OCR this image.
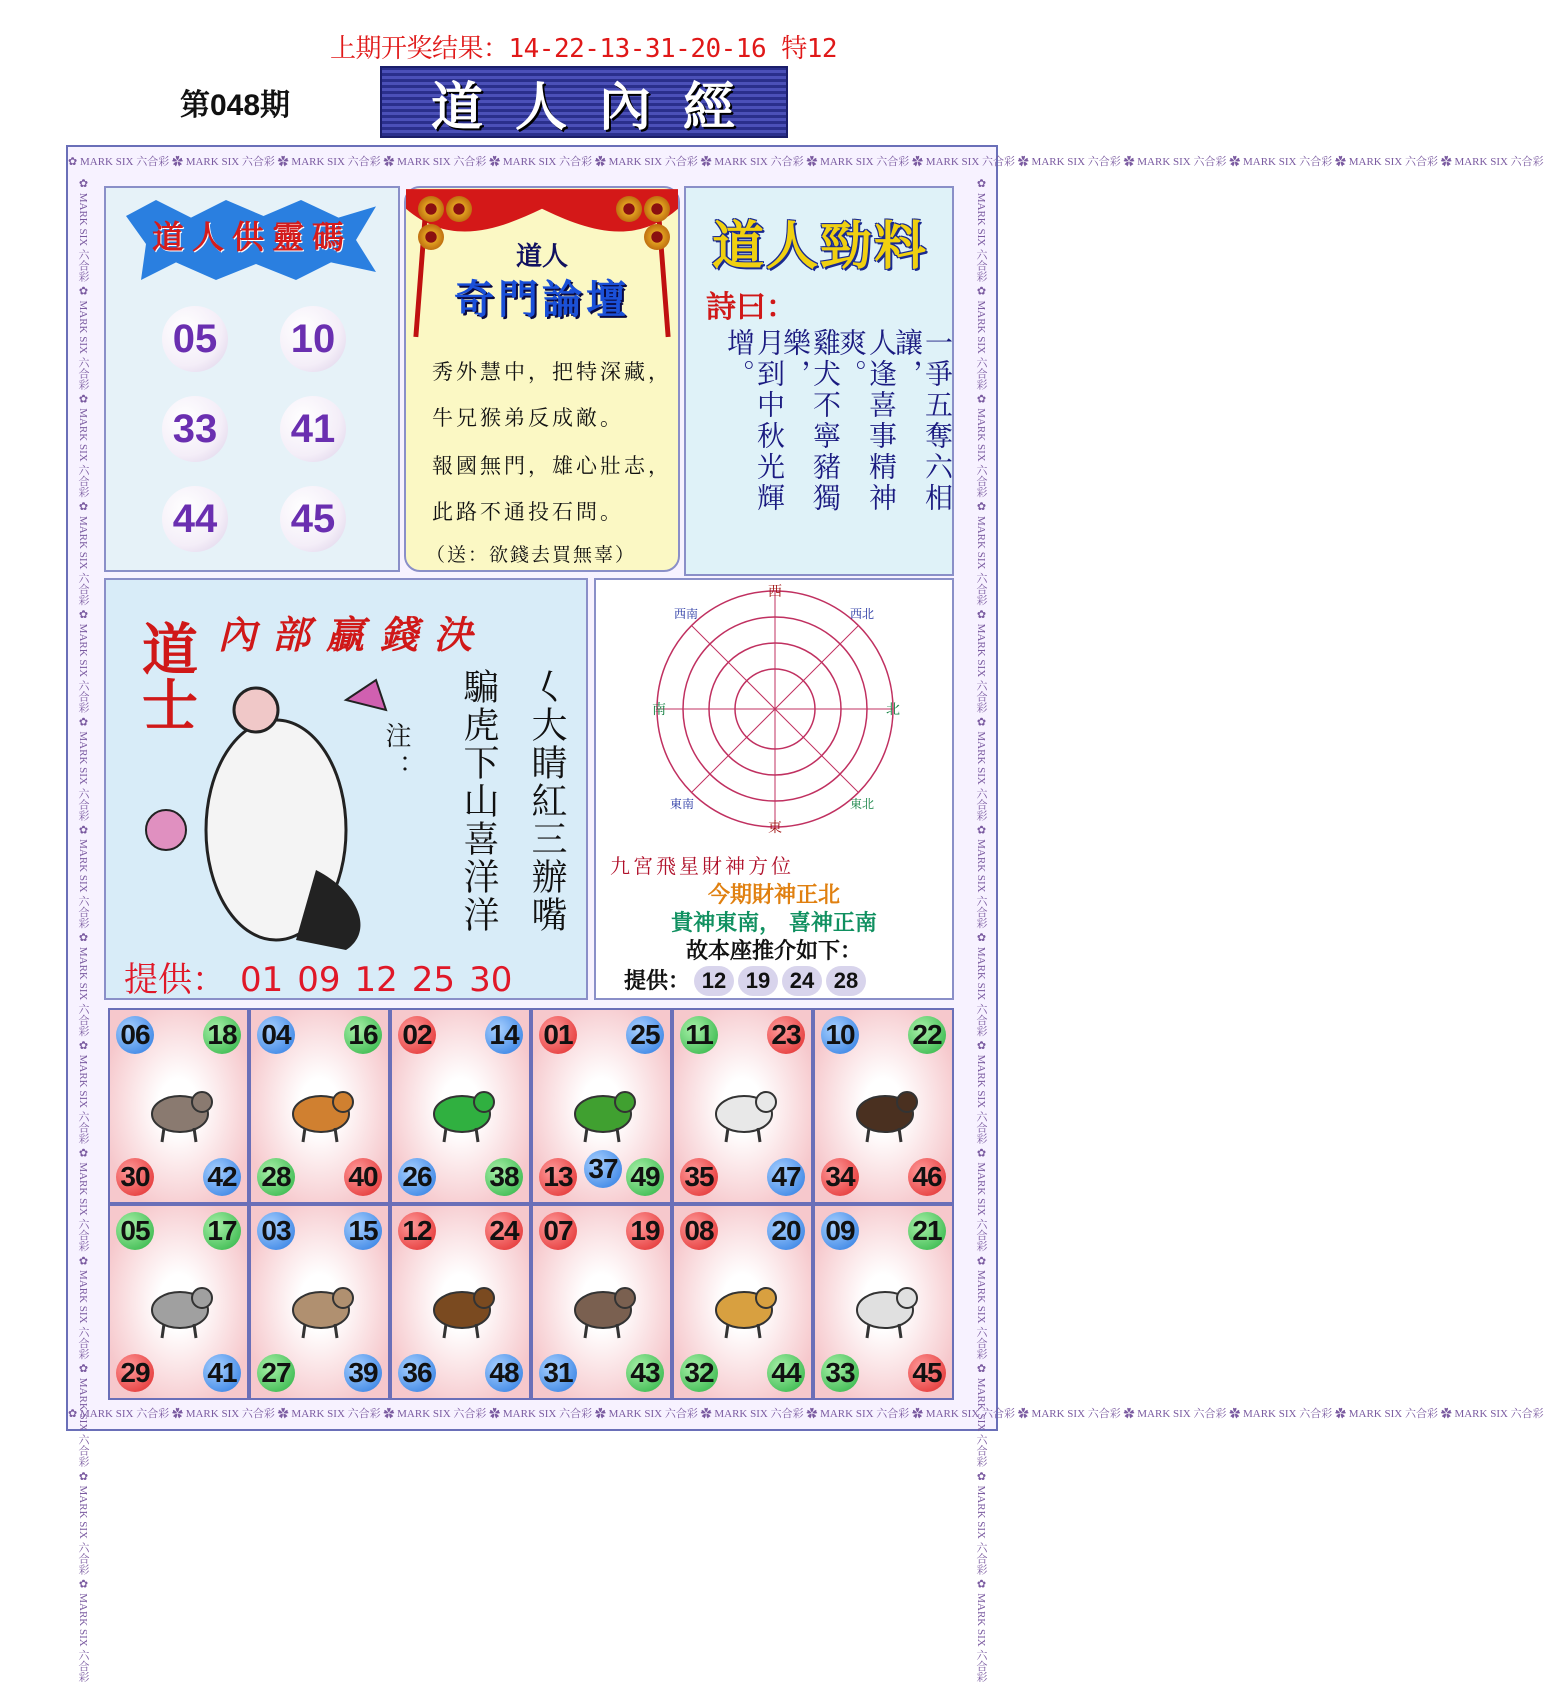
上期开奖结果：14-22-13-31-20-16 特12
第048期	道人內經
✿ MARK SIX 六合彩 ✿ MARK SIX 六合彩 ✿ MARK SIX 六合彩 ✿ MARK SIX 六合彩 ✿ MARK SIX 六合彩 ✿ MARK SIX 六合彩 ✿ MARK SIX 六合彩 ✿ MARK SIX 六合彩 ✿ MARK SIX 六合彩 ✿ MARK SIX 六合彩 ✿ MARK SIX 六合彩 ✿ MARK SIX 六合彩 ✿ MARK SIX 六合彩 ✿ MARK SIX 六合彩
✿ MARK SIX 六合彩 ✿ MARK SIX 六合彩 ✿ MARK SIX 六合彩 ✿ MARK SIX 六合彩 ✿ MARK SIX 六合彩 ✿ MARK SIX 六合彩 ✿ MARK SIX 六合彩 ✿ MARK SIX 六合彩 ✿ MARK SIX 六合彩 ✿ MARK SIX 六合彩 ✿ MARK SIX 六合彩 ✿ MARK SIX 六合彩 ✿ MARK SIX 六合彩 ✿ MARK SIX 六合彩
✿ MARK SIX 六合彩 ✿ MARK SIX 六合彩 ✿ MARK SIX 六合彩 ✿ MARK SIX 六合彩 ✿ MARK SIX 六合彩 ✿ MARK SIX 六合彩 ✿ MARK SIX 六合彩 ✿ MARK SIX 六合彩 ✿ MARK SIX 六合彩 ✿ MARK SIX 六合彩 ✿ MARK SIX 六合彩 ✿ MARK SIX 六合彩 ✿ MARK SIX 六合彩 ✿ MARK SIX 六合彩	✿ MARK SIX 六合彩 ✿ MARK SIX 六合彩 ✿ MARK SIX 六合彩 ✿ MARK SIX 六合彩 ✿ MARK SIX 六合彩 ✿ MARK SIX 六合彩 ✿ MARK SIX 六合彩 ✿ MARK SIX 六合彩 ✿ MARK SIX 六合彩 ✿ MARK SIX 六合彩 ✿ MARK SIX 六合彩 ✿ MARK SIX 六合彩 ✿ MARK SIX 六合彩 ✿ MARK SIX 六合彩
道人供靈碼
05 10
33 41
44 45
道人
奇門論壇
秀外慧中，把特深藏，
牛兄猴弟反成敵。
報國無門，雄心壯志，
此路不通投石問。
（送：欲錢去買無辜）
道人勁料
詩曰：
一爭五奪六相讓，
人逢喜事精神爽。
雞犬不寧豬獨樂，
月到中秋光輝增。
內部贏錢決
道士	𡿨大睛紅三辦嘴
騙虎下山喜洋洋
注：
提供： 01 09 12 25 30
西
東
南	北
西南	西北
東南	東北
九宮飛星財神方位
今期財神正北
貴神東南， 喜神正南
故本座推介如下：
提供： 12 19 24 28
06 18
30 42
04 16
28 40
02 14
26 38
01 25
13 37 49
11 23
35 47
10 22
34 46
05 17
29 41
03 15
27 39
12 24
36 48
07 19
31 43
08 20
32 44
09 21
33 45
